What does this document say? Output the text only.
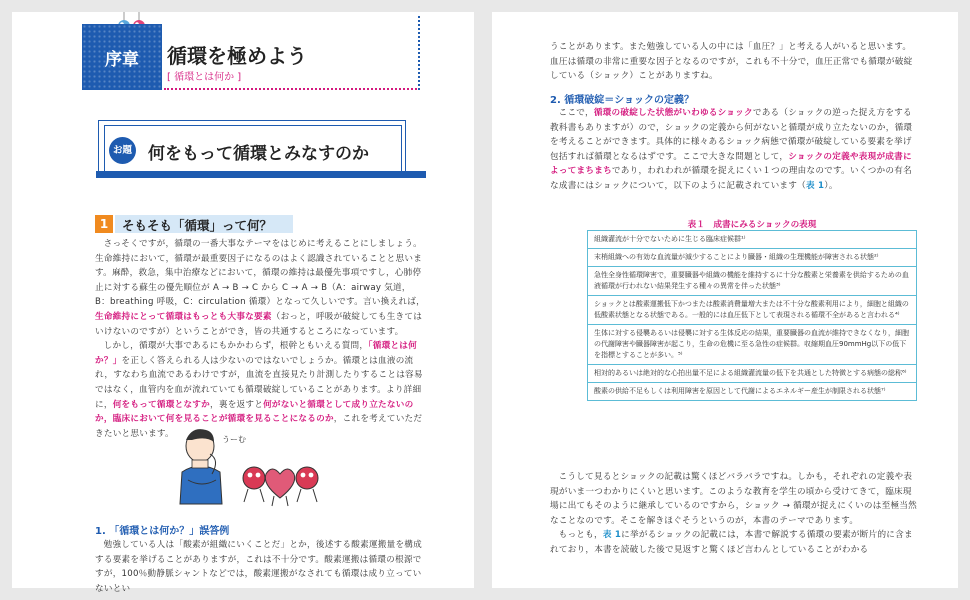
序章	循環を極めよう
[ 循環とは何か ]
お題 何をもって循環とみなすのか
1	そもそも「循環」って何？

さっそくですが，循環の一番大事なテーマをはじめに考えることにしましょう。生命維持において，循環が最重要因子になるのはよく認識されていることと思います。麻酔，救急，集中治療などにおいて，循環の維持は最優先事項ですし，心肺停止に対する蘇生の優先順位が A → B → C から C → A → B（A：airway 気道，B：breathing 呼吸，C：circulation 循環）となって久しいです。言い換えれば，生命維持にとって循環はもっとも大事な要素（おっと，呼吸が破綻しても生きてはいけないのですが）ということができ，皆の共通するところになっています。

しかし，循環が大事であるにもかかわらず，根幹ともいえる質問，「循環とは何か？」を正しく答えられる人は少ないのではないでしょうか。循環とは血液の流れ，すなわち血流であるわけですが，血流を直接見たり計測したりすることは容易ではなく，血管内を血が流れていても循環破綻していることがあります。より詳細に，何をもって循環となすか，裏を返すと何がないと循環として成り立たないのか，臨床において何を見ることが循環を見ることになるのか，これを考えていただきたいと思います。

うーむ
1. 「循環とは何か？」誤答例

勉強している人は「酸素が組織にいくことだ」とか，後述する酸素運搬量を構成する要素を挙げることがありますが，これは不十分です。酸素運搬は循環の根源ですが，100％動静脈シャントなどでは，酸素運搬がなされても循環は成り立っていないとい

うことがあります。また勉強している人の中には「血圧？」と考える人がいると思います。血圧は循環の非常に重要な因子となるのですが，これも不十分で，血圧正常でも循環が破綻している（ショック）ことがありますね。

2. 循環破綻＝ショックの定義？

ここで，循環の破綻した状態がいわゆるショックである（ショックの逆った捉え方をする教科書もありますが）ので，ショックの定義から何がないと循環が成り立たないのか，循環を考えることができます。具体的に様々あるショック病態で循環が破綻している要素を挙げ包括すれば循環となるはずです。ここで大きな問題として，ショックの定義や表現が成書によってまちまちであり，われわれが循環を捉えにくい１つの理由なのです。いくつかの有名な成書にはショックについて，以下のように記載されています（表 1）。

表１　成書にみるショックの表現
組織灌流が十分でないために生じる臨床症候群¹⁾
末梢組織への有効な血流量が減少することにより臓器・組織の生理機能が障害される状態²⁾
急性全身性循環障害で，重要臓器や組織の機能を維持するに十分な酸素と栄養素を供給するための血液循環が行われない結果発生する種々の異常を伴った状態³⁾
ショックとは酸素運搬低下かつまたは酸素消費量増大または不十分な酸素利用により，細胞と組織の低酸素状態となる状態である。一般的には血圧低下として表現される循環不全があると言われる⁴⁾
生体に対する侵襲あるいは侵襲に対する生体反応の結果，重要臓器の血流が維持できなくなり，細胞の代謝障害や臓器障害が起こり，生命の危機に至る急性の症候群。収縮期血圧90mmHg以下の低下を指標とすることが多い。⁵⁾
相対的あるいは絶対的な心拍出量不足による組織灌流量の低下を共通とした特徴とする病態の総称⁶⁾
酸素の供給不足もしくは利用障害を原因として代謝によるエネルギー産生が制限される状態⁷⁾

こうして見るとショックの記載は驚くほどバラバラですね。しかも，それぞれの定義や表現がいま一つわかりにくいと思います。このような教育を学生の頃から受けてきて，臨床現場に出てもそのように継承しているのですから，ショック → 循環が捉えにくいのは至極当然なことなのです。そこを解きほぐそうというのが，本書のテーマであります。

もっとも，表 1に挙がるショックの記載には，本書で解説する循環の要素が断片的に含まれており，本書を読破した後で見返すと驚くほど言わんとしていることがわかる
